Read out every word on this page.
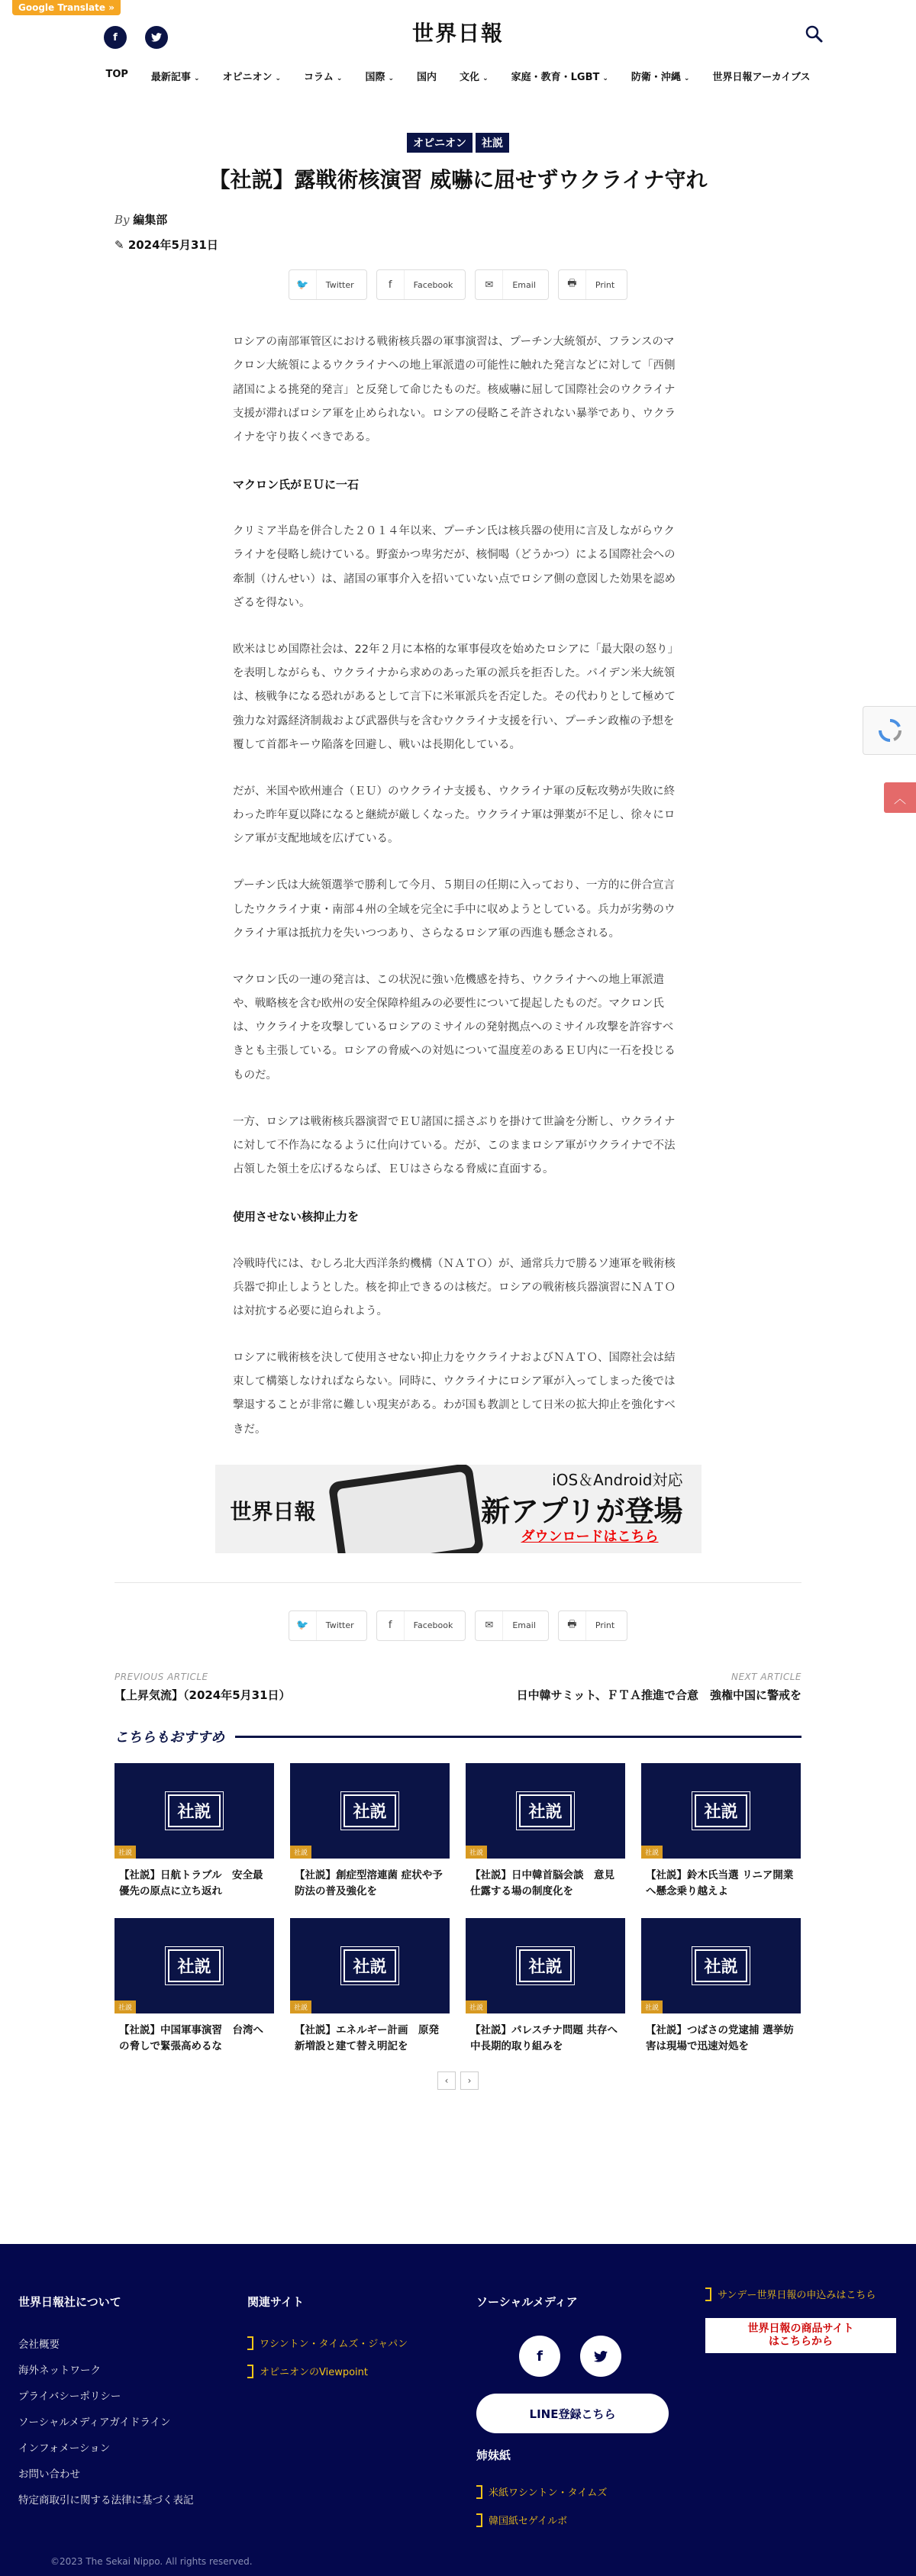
Google Translate »
f	世界日報
TOP 最新記事 ⌄ オピニオン ⌄ コラム ⌄ 国際 ⌄ 国内 文化 ⌄ 家庭・教育・LGBT ⌄ 防衛・沖縄 ⌄ 世界日報アーカイブス
オピニオン 社説
【社説】露戦術核演習 威嚇に屈せずウクライナ守れ
By 編集部
✎ 2024年5月31日
🐦	Twitter	f	Facebook	✉	Email	🖶	Print

ロシアの南部軍管区における戦術核兵器の軍事演習は、プーチン大統領が、フランスのマクロン大統領によるウクライナへの地上軍派遣の可能性に触れた発言などに対して「西側諸国による挑発的発言」と反発して命じたものだ。核威嚇に屈して国際社会のウクライナ支援が滞ればロシア軍を止められない。ロシアの侵略こそ許されない暴挙であり、ウクライナを守り抜くべきである。

マクロン氏がＥＵに一石

クリミア半島を併合した２０１４年以来、プーチン氏は核兵器の使用に言及しながらウクライナを侵略し続けている。野蛮かつ卑劣だが、核恫喝（どうかつ）による国際社会への牽制（けんせい）は、諸国の軍事介入を招いていない点でロシア側の意図した効果を認めざるを得ない。

欧米はじめ国際社会は、22年２月に本格的な軍事侵攻を始めたロシアに「最大限の怒り」を表明しながらも、ウクライナから求めのあった軍の派兵を拒否した。バイデン米大統領は、核戦争になる恐れがあるとして言下に米軍派兵を否定した。その代わりとして極めて強力な対露経済制裁および武器供与を含むウクライナ支援を行い、プーチン政権の予想を覆して首都キーウ陥落を回避し、戦いは長期化している。

だが、米国や欧州連合（ＥＵ）のウクライナ支援も、ウクライナ軍の反転攻勢が失敗に終わった昨年夏以降になると継続が厳しくなった。ウクライナ軍は弾薬が不足し、徐々にロシア軍が支配地域を広げている。

プーチン氏は大統領選挙で勝利して今月、５期目の任期に入っており、一方的に併合宣言したウクライナ東・南部４州の全域を完全に手中に収めようとしている。兵力が劣勢のウクライナ軍は抵抗力を失いつつあり、さらなるロシア軍の西進も懸念される。

マクロン氏の一連の発言は、この状況に強い危機感を持ち、ウクライナへの地上軍派遣や、戦略核を含む欧州の安全保障枠組みの必要性について提起したものだ。マクロン氏は、ウクライナを攻撃しているロシアのミサイルの発射拠点へのミサイル攻撃を許容すべきとも主張している。ロシアの脅威への対処について温度差のあるＥＵ内に一石を投じるものだ。

一方、ロシアは戦術核兵器演習でＥＵ諸国に揺さぶりを掛けて世論を分断し、ウクライナに対して不作為になるように仕向けている。だが、このままロシア軍がウクライナで不法占領した領土を広げるならば、ＥＵはさらなる脅威に直面する。

使用させない核抑止力を

冷戦時代には、むしろ北大西洋条約機構（ＮＡＴＯ）が、通常兵力で勝るソ連軍を戦術核兵器で抑止しようとした。核を抑止できるのは核だ。ロシアの戦術核兵器演習にＮＡＴＯは対抗する必要に迫られよう。

ロシアに戦術核を決して使用させない抑止力をウクライナおよびＮＡＴＯ、国際社会は結束して構築しなければならない。同時に、ウクライナにロシア軍が入ってしまった後では撃退することが非常に難しい現実がある。わが国も教訓として日米の拡大抑止を強化すべきだ。

世界日報
iOS＆Android対応
新アプリが登場
ダウンロードはこちら
🐦	Twitter	f	Facebook	✉	Email	🖶	Print
PREVIOUS ARTICLE
【上昇気流】（2024年5月31日）
NEXT ARTICLE
日中韓サミット、ＦＴＡ推進で合意　強権中国に警戒を
こちらもおすすめ
社説
社説
【社説】日航トラブル　安全最優先の原点に立ち返れ
社説
社説
【社説】創症型溶連菌 症状や予防法の普及強化を
社説
社説
【社説】日中韓首脳会談　意見仕露する場の制度化を
社説
社説
【社説】鈴木氏当選 リニア開業へ懸念乗り越えよ
社説
社説
【社説】中国軍事演習　台湾への脅しで緊張高めるな
社説
社説
【社説】エネルギー計画　原発新増設と建て替え明記を
社説
社説
【社説】パレスチナ問題 共存へ中長期的取り組みを
社説
社説
【社説】つばさの党逮捕 選挙妨害は現場で迅速対処を
‹	›
︿
世界日報社について
会社概要
海外ネットワーク
プライバシーポリシー
ソーシャルメディアガイドライン
インフォメーション
お問い合わせ
特定商取引に関する法律に基づく表記
関連サイト
ワシントン・タイムズ・ジャパン
オピニオンのViewpoint
ソーシャルメディア
f
LINE登録こちら
姉妹紙
米紙ワシントン・タイムズ
韓国紙セゲイルボ
サンデー世界日報の申込みはこちら
世界日報の商品サイト
はこちらから
©2023 The Sekai Nippo. All rights reserved.
